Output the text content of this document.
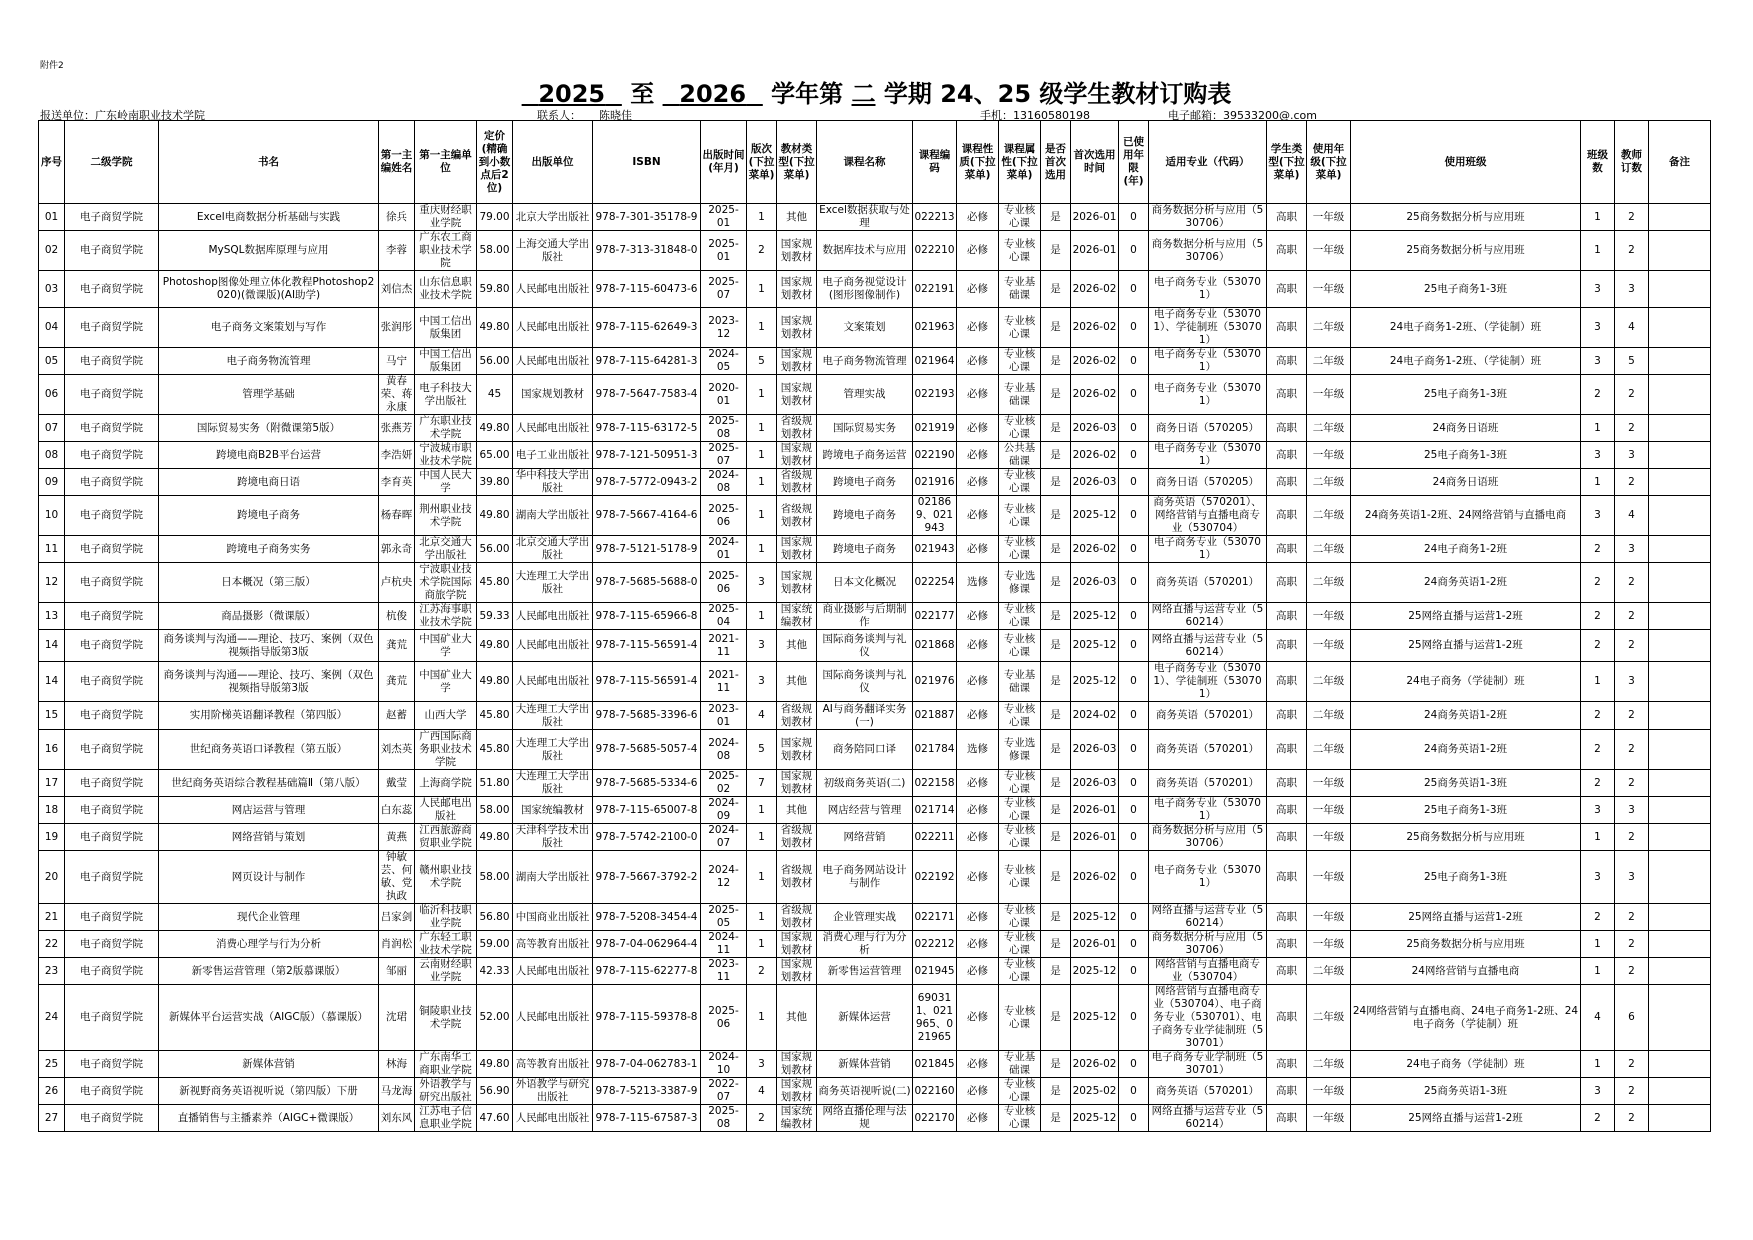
附件2
2025 至 2026 学年第 二 学期 24、25 级学生教材订购表
报送单位：广东岭南职业技术学院	联系人： 陈晓佳	手机：13160580198	电子邮箱：39533200@.com
序号	二级学院	书名	第一主编姓名	第一主编单位	定价(精确到小数点后2位)	出版单位	ISBN	出版时间(年月)	版次(下拉菜单)	教材类型(下拉菜单)	课程名称	课程编码	课程性质(下拉菜单)	课程属性(下拉菜单)	是否首次选用	首次选用时间	已使用年限(年)	适用专业（代码）	学生类型(下拉菜单)	使用年级(下拉菜单)	使用班级	班级数	教师订数	备注
01	电子商贸学院	Excel电商数据分析基础与实践	徐兵	重庆财经职业学院	79.00	北京大学出版社	978-7-301-35178-9	2025-01	1	其他	Excel数据获取与处理	022213	必修	专业核心课	是	2026-01	0	商务数据分析与应用（530706）	高职	一年级	25商务数据分析与应用班	1	2	
02	电子商贸学院	MySQL数据库原理与应用	李蓉	广东农工商职业技术学院	58.00	上海交通大学出版社	978-7-313-31848-0	2025-01	2	国家规划教材	数据库技术与应用	022210	必修	专业核心课	是	2026-01	0	商务数据分析与应用（530706）	高职	一年级	25商务数据分析与应用班	1	2	
03	电子商贸学院	Photoshop图像处理立体化教程Photoshop2020)(微课版)(AI助学)	刘信杰	山东信息职业技术学院	59.80	人民邮电出版社	978-7-115-60473-6	2025-07	1	国家规划教材	电子商务视觉设计(图形图像制作)	022191	必修	专业基础课	是	2026-02	0	电子商务专业（530701）	高职	一年级	25电子商务1-3班	3	3	
04	电子商贸学院	电子商务文案策划与写作	张润彤	中国工信出版集团	49.80	人民邮电出版社	978-7-115-62649-3	2023-12	1	国家规划教材	文案策划	021963	必修	专业核心课	是	2026-02	0	电子商务专业（530701）、学徒制班（530701）	高职	二年级	24电子商务1-2班、（学徒制）班	3	4	
05	电子商贸学院	电子商务物流管理	马宁	中国工信出版集团	56.00	人民邮电出版社	978-7-115-64281-3	2024-05	5	国家规划教材	电子商务物流管理	021964	必修	专业核心课	是	2026-02	0	电子商务专业（530701）	高职	二年级	24电子商务1-2班、（学徒制）班	3	5	
06	电子商贸学院	管理学基础	黄春荣、蒋永康	电子科技大学出版社	45	国家规划教材	978-7-5647-7583-4	2020-01	1	国家规划教材	管理实战	022193	必修	专业基础课	是	2026-02	0	电子商务专业（530701）	高职	一年级	25电子商务1-3班	2	2	
07	电子商贸学院	国际贸易实务（附微课第5版）	张燕芳	广东职业技术学院	49.80	人民邮电出版社	978-7-115-63172-5	2025-08	1	省级规划教材	国际贸易实务	021919	必修	专业核心课	是	2026-03	0	商务日语（570205）	高职	二年级	24商务日语班	1	2	
08	电子商贸学院	跨境电商B2B平台运营	李浩妍	宁波城市职业技术学院	65.00	电子工业出版社	978-7-121-50951-3	2025-07	1	国家规划教材	跨境电子商务运营	022190	必修	公共基础课	是	2026-02	0	电子商务专业（530701）	高职	一年级	25电子商务1-3班	3	3	
09	电子商贸学院	跨境电商日语	李育英	中国人民大学	39.80	华中科技大学出版社	978-7-5772-0943-2	2024-08	1	省级规划教材	跨境电子商务	021916	必修	专业核心课	是	2026-03	0	商务日语（570205）	高职	二年级	24商务日语班	1	2	
10	电子商贸学院	跨境电子商务	杨春晖	荆州职业技术学院	49.80	湖南大学出版社	978-7-5667-4164-6	2025-06	1	省级规划教材	跨境电子商务	021869、021943	必修	专业核心课	是	2025-12	0	商务英语（570201）、网络营销与直播电商专业（530704）	高职	二年级	24商务英语1-2班、24网络营销与直播电商	3	4	
11	电子商贸学院	跨境电子商务实务	郭永奇	北京交通大学出版社	56.00	北京交通大学出版社	978-7-5121-5178-9	2024-01	1	国家规划教材	跨境电子商务	021943	必修	专业核心课	是	2026-02	0	电子商务专业（530701）	高职	二年级	24电子商务1-2班	2	3	
12	电子商贸学院	日本概况（第三版）	卢杭央	宁波职业技术学院国际商旅学院	45.80	大连理工大学出版社	978-7-5685-5688-0	2025-06	3	国家规划教材	日本文化概况	022254	选修	专业选修课	是	2026-03	0	商务英语（570201）	高职	二年级	24商务英语1-2班	2	2	
13	电子商贸学院	商品摄影（微课版）	杭俊	江苏海事职业技术学院	59.33	人民邮电出版社	978-7-115-65966-8	2025-04	1	国家统编教材	商业摄影与后期制作	022177	必修	专业核心课	是	2025-12	0	网络直播与运营专业（560214）	高职	一年级	25网络直播与运营1-2班	2	2	
14	电子商贸学院	商务谈判与沟通——理论、技巧、案例（双色视频指导版第3版	龚荒	中国矿业大学	49.80	人民邮电出版社	978-7-115-56591-4	2021-11	3	其他	国际商务谈判与礼仪	021868	必修	专业核心课	是	2025-12	0	网络直播与运营专业（560214）	高职	一年级	25网络直播与运营1-2班	2	2	
14	电子商贸学院	商务谈判与沟通——理论、技巧、案例（双色视频指导版第3版	龚荒	中国矿业大学	49.80	人民邮电出版社	978-7-115-56591-4	2021-11	3	其他	国际商务谈判与礼仪	021976	必修	专业基础课	是	2025-12	0	电子商务专业（530701）、学徒制班（530701）	高职	二年级	24电子商务（学徒制）班	1	3	
15	电子商贸学院	实用阶梯英语翻译教程（第四版）	赵蓄	山西大学	45.80	大连理工大学出版社	978-7-5685-3396-6	2023-01	4	省级规划教材	AI与商务翻译实务(一)	021887	必修	专业核心课	是	2024-02	0	商务英语（570201）	高职	二年级	24商务英语1-2班	2	2	
16	电子商贸学院	世纪商务英语口译教程（第五版）	刘杰英	广西国际商务职业技术学院	45.80	大连理工大学出版社	978-7-5685-5057-4	2024-08	5	国家规划教材	商务陪同口译	021784	选修	专业选修课	是	2026-03	0	商务英语（570201）	高职	二年级	24商务英语1-2班	2	2	
17	电子商贸学院	世纪商务英语综合教程基础篇Ⅱ（第八版）	戴莹	上海商学院	51.80	大连理工大学出版社	978-7-5685-5334-6	2025-02	7	国家规划教材	初级商务英语(二)	022158	必修	专业核心课	是	2026-03	0	商务英语（570201）	高职	一年级	25商务英语1-3班	2	2	
18	电子商贸学院	网店运营与管理	白东蕊	人民邮电出版社	58.00	国家统编教材	978-7-115-65007-8	2024-09	1	其他	网店经营与管理	021714	必修	专业核心课	是	2026-01	0	电子商务专业（530701）	高职	一年级	25电子商务1-3班	3	3	
19	电子商贸学院	网络营销与策划	黄燕	江西旅游商贸职业学院	49.80	天津科学技术出版社	978-7-5742-2100-0	2024-07	1	省级规划教材	网络营销	022211	必修	专业核心课	是	2026-01	0	商务数据分析与应用（530706）	高职	一年级	25商务数据分析与应用班	1	2	
20	电子商贸学院	网页设计与制作	钟敏芸、何敏、党执政	赣州职业技术学院	58.00	湖南大学出版社	978-7-5667-3792-2	2024-12	1	省级规划教材	电子商务网站设计与制作	022192	必修	专业核心课	是	2026-02	0	电子商务专业（530701）	高职	一年级	25电子商务1-3班	3	3	
21	电子商贸学院	现代企业管理	吕家剑	临沂科技职业学院	56.80	中国商业出版社	978-7-5208-3454-4	2025-05	1	省级规划教材	企业管理实战	022171	必修	专业核心课	是	2025-12	0	网络直播与运营专业（560214）	高职	一年级	25网络直播与运营1-2班	2	2	
22	电子商贸学院	消费心理学与行为分析	肖润松	广东轻工职业技术学院	59.00	高等教育出版社	978-7-04-062964-4	2024-11	1	国家规划教材	消费心理与行为分析	022212	必修	专业核心课	是	2026-01	0	商务数据分析与应用（530706）	高职	一年级	25商务数据分析与应用班	1	2	
23	电子商贸学院	新零售运营管理（第2版慕课版）	邹丽	云南财经职业学院	42.33	人民邮电出版社	978-7-115-62277-8	2023-11	2	国家规划教材	新零售运营管理	021945	必修	专业核心课	是	2025-12	0	网络营销与直播电商专业（530704）	高职	二年级	24网络营销与直播电商	1	2	
24	电子商贸学院	新媒体平台运营实战（AIGC版）（慕课版）	沈珺	铜陵职业技术学院	52.00	人民邮电出版社	978-7-115-59378-8	2025-06	1	其他	新媒体运营	690311、021965、021965	必修	专业核心课	是	2025-12	0	网络营销与直播电商专业（530704）、电子商务专业（530701）、电子商务专业学徒制班（530701）	高职	二年级	24网络营销与直播电商、24电子商务1-2班、24电子商务（学徒制）班	4	6	
25	电子商贸学院	新媒体营销	林海	广东南华工商职业学院	49.80	高等教育出版社	978-7-04-062783-1	2024-10	3	国家规划教材	新媒体营销	021845	必修	专业基础课	是	2026-02	0	电子商务专业学制班（530701）	高职	二年级	24电子商务（学徒制）班	1	2	
26	电子商贸学院	新视野商务英语视听说（第四版）下册	马龙海	外语教学与研究出版社	56.90	外语教学与研究出版社	978-7-5213-3387-9	2022-07	4	国家规划教材	商务英语视听说(二)	022160	必修	专业核心课	是	2025-02	0	商务英语（570201）	高职	一年级	25商务英语1-3班	3	2	
27	电子商贸学院	直播销售与主播素养（AIGC+微课版）	刘东风	江苏电子信息职业学院	47.60	人民邮电出版社	978-7-115-67587-3	2025-08	2	国家统编教材	网络直播伦理与法规	022170	必修	专业核心课	是	2025-12	0	网络直播与运营专业（560214）	高职	一年级	25网络直播与运营1-2班	2	2	
